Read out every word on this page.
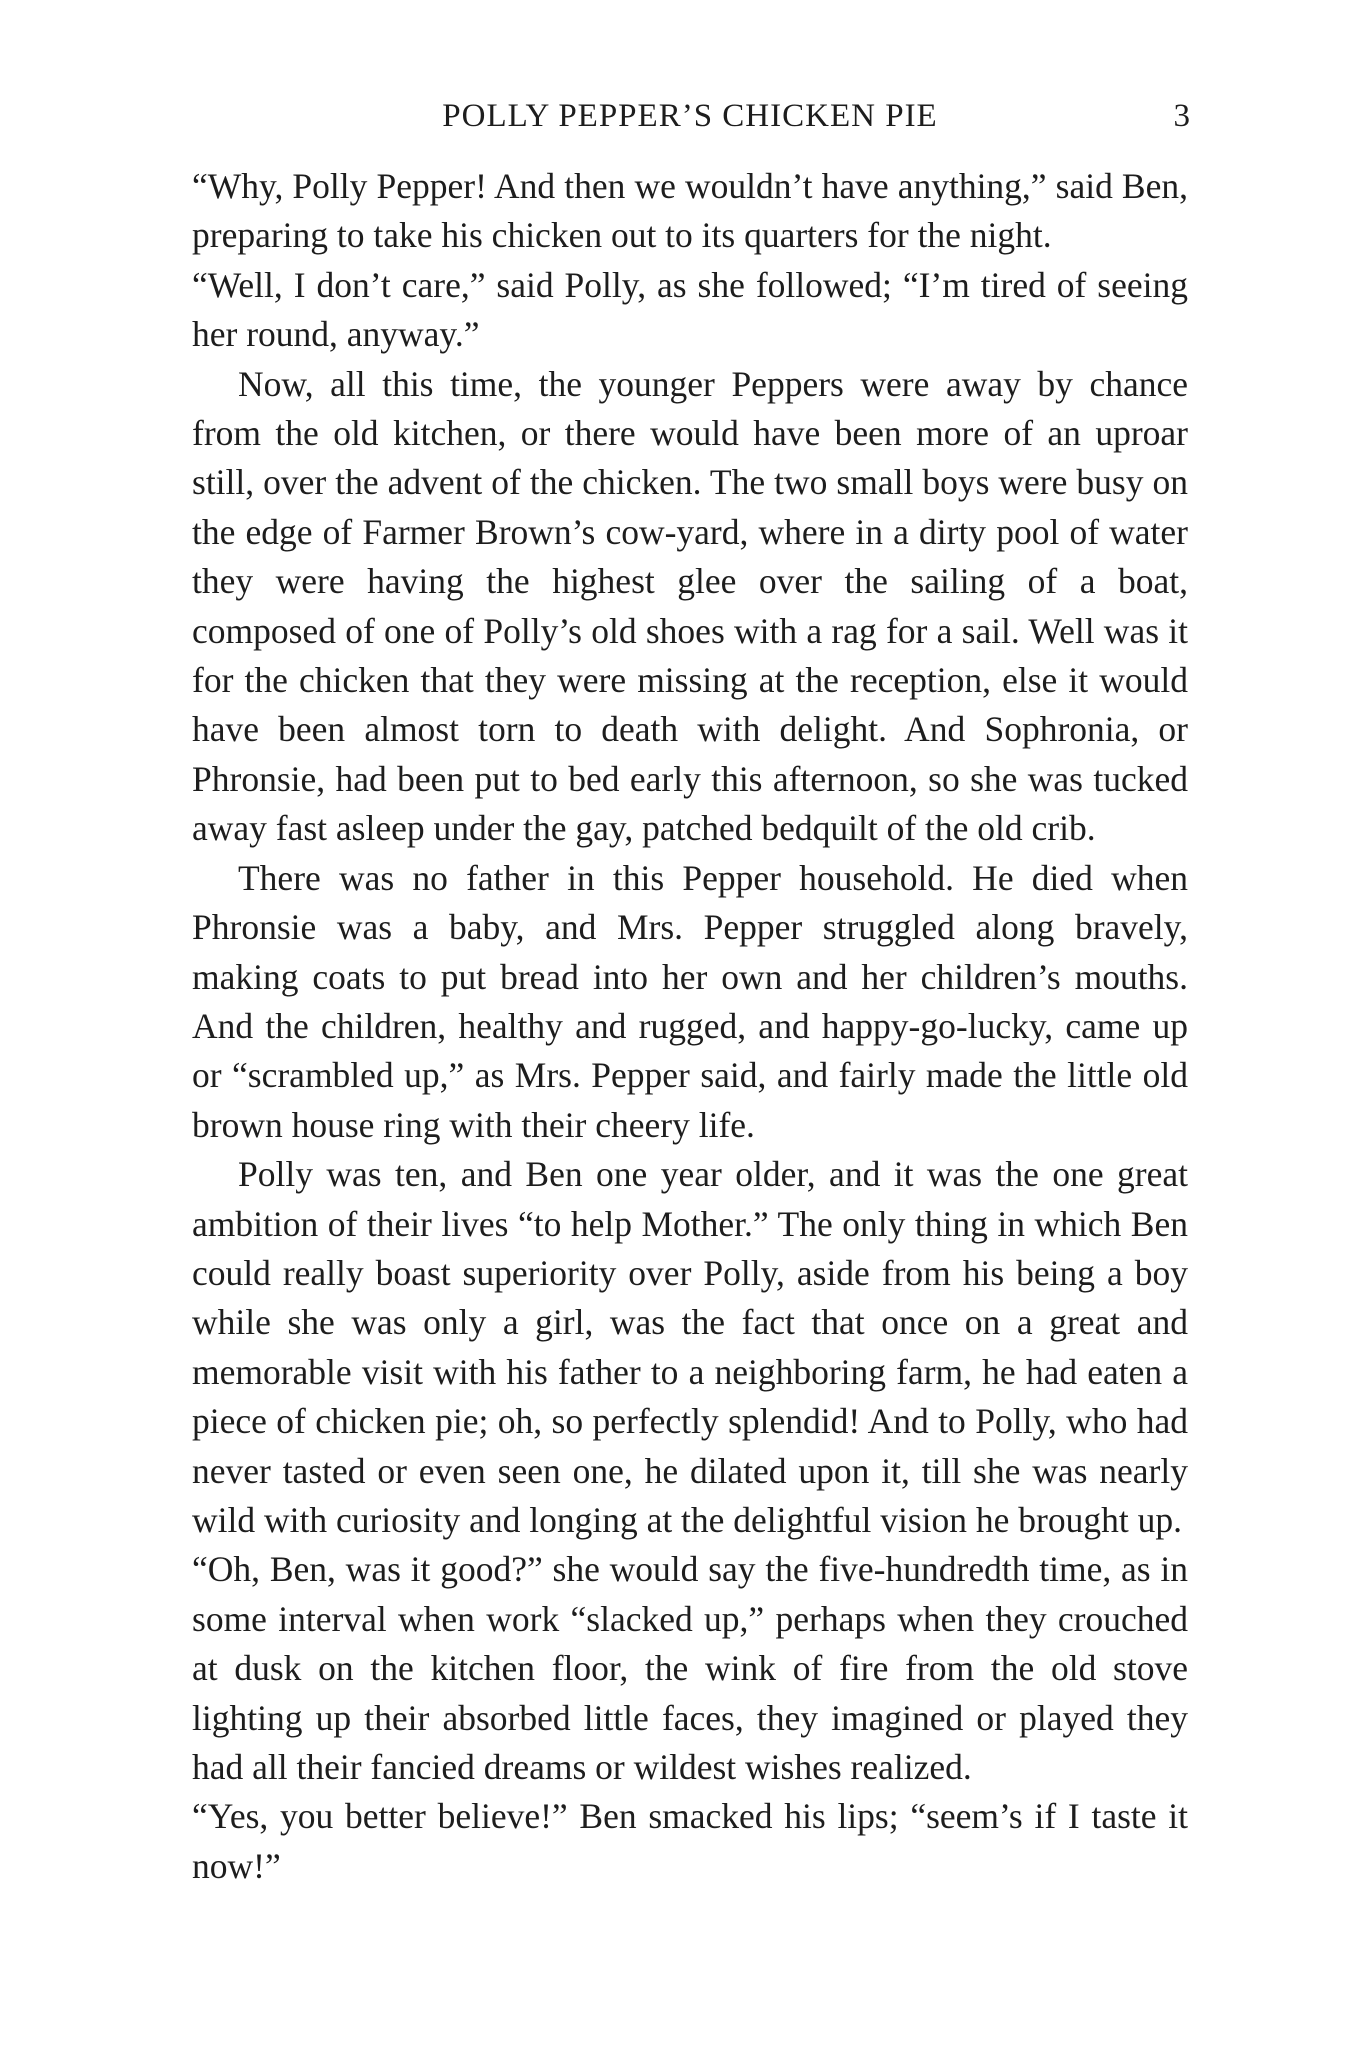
POLLY PEPPER’S CHICKEN PIE	3

“Why, Polly Pepper! And then we wouldn’t have anything,” said Ben, preparing to take his chicken out to its quarters for the night.

“Well, I don’t care,” said Polly, as she followed; “I’m tired of seeing her round, anyway.”

Now, all this time, the younger Peppers were away by chance from the old kitchen, or there would have been more of an uproar still, over the advent of the chicken. The two small boys were busy on the edge of Farmer Brown’s cow-yard, where in a dirty pool of water they were having the highest glee over the sailing of a boat, composed of one of Polly’s old shoes with a rag for a sail. Well was it for the chicken that they were missing at the reception, else it would have been almost torn to death with delight. And Sophronia, or Phronsie, had been put to bed early this afternoon, so she was tucked away fast asleep under the gay, patched bedquilt of the old crib.

There was no father in this Pepper household. He died when Phronsie was a baby, and Mrs. Pepper struggled along bravely, making coats to put bread into her own and her children’s mouths. And the children, healthy and rugged, and happy-go-lucky, came up or “scrambled up,” as Mrs. Pepper said, and fairly made the little old brown house ring with their cheery life.

Polly was ten, and Ben one year older, and it was the one great ambition of their lives “to help Mother.” The only thing in which Ben could really boast superiority over Polly, aside from his being a boy while she was only a girl, was the fact that once on a great and memorable visit with his father to a neighboring farm, he had eaten a piece of chicken pie; oh, so perfectly splendid! And to Polly, who had never tasted or even seen one, he dilated upon it, till she was nearly wild with curiosity and longing at the delightful vision he brought up.

“Oh, Ben, was it good?” she would say the five-hundredth time, as in some interval when work “slacked up,” perhaps when they crouched at dusk on the kitchen floor, the wink of fire from the old stove lighting up their absorbed little faces, they imagined or played they had all their fancied dreams or wildest wishes realized.

“Yes, you better believe!” Ben smacked his lips; “seem’s if I taste it now!”
